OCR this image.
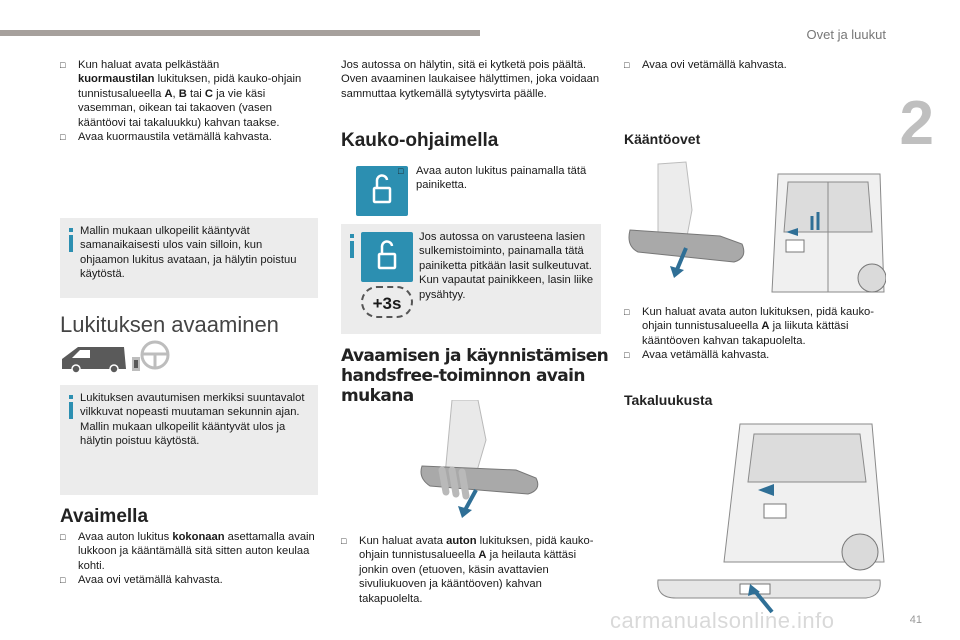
Ovet ja luukut
2
41
carmanualsonline.info
□ Kun haluat avata pelkästään
kuormaustilan lukituksen, pidä kauko-ohjain tunnistusalueella A, B tai C ja vie käsi vasemman, oikean tai takaoven (vasen kääntöovi tai takaluukku) kahvan taakse.
□ Avaa kuormaustila vetämällä kahvasta.
Mallin mukaan ulkopeilit kääntyvät samanaikaisesti ulos vain silloin, kun ohjaamon lukitus avataan, ja hälytin poistuu käytöstä.
Lukituksen avaaminen
Lukituksen avautumisen merkiksi suuntavalot vilkkuvat nopeasti muutaman sekunnin ajan.
Mallin mukaan ulkopeilit kääntyvät ulos ja hälytin poistuu käytöstä.
Avaimella
□ Avaa auton lukitus kokonaan asettamalla avain lukkoon ja kääntämällä sitä sitten auton keulaa kohti.
□ Avaa ovi vetämällä kahvasta.
Jos autossa on hälytin, sitä ei kytketä pois päältä. Oven avaaminen laukaisee hälyttimen, joka voidaan sammuttaa kytkemällä sytytysvirta päälle.
Kauko-ohjaimella
□ Avaa auton lukitus painamalla tätä painiketta.
+3s
Jos autossa on varusteena lasien sulkemistoiminto, painamalla tätä painiketta pitkään lasit sulkeutuvat. Kun vapautat painikkeen, lasin liike pysähtyy.
Avaamisen ja käynnistämisen
handsfree-toiminnon avain mukana
□ Kun haluat avata auton lukituksen, pidä kauko-ohjain tunnistusalueella A ja heilauta kättäsi jonkin oven (etuoven, käsin avattavien sivuliukuoven ja kääntöoven) kahvan takapuolelta.
□ Avaa ovi vetämällä kahvasta.
Kääntöovet
□ Kun haluat avata auton lukituksen, pidä kauko-ohjain tunnistusalueella A ja liikuta kättäsi kääntöoven kahvan takapuolelta.
□ Avaa vetämällä kahvasta.
Takaluukusta
